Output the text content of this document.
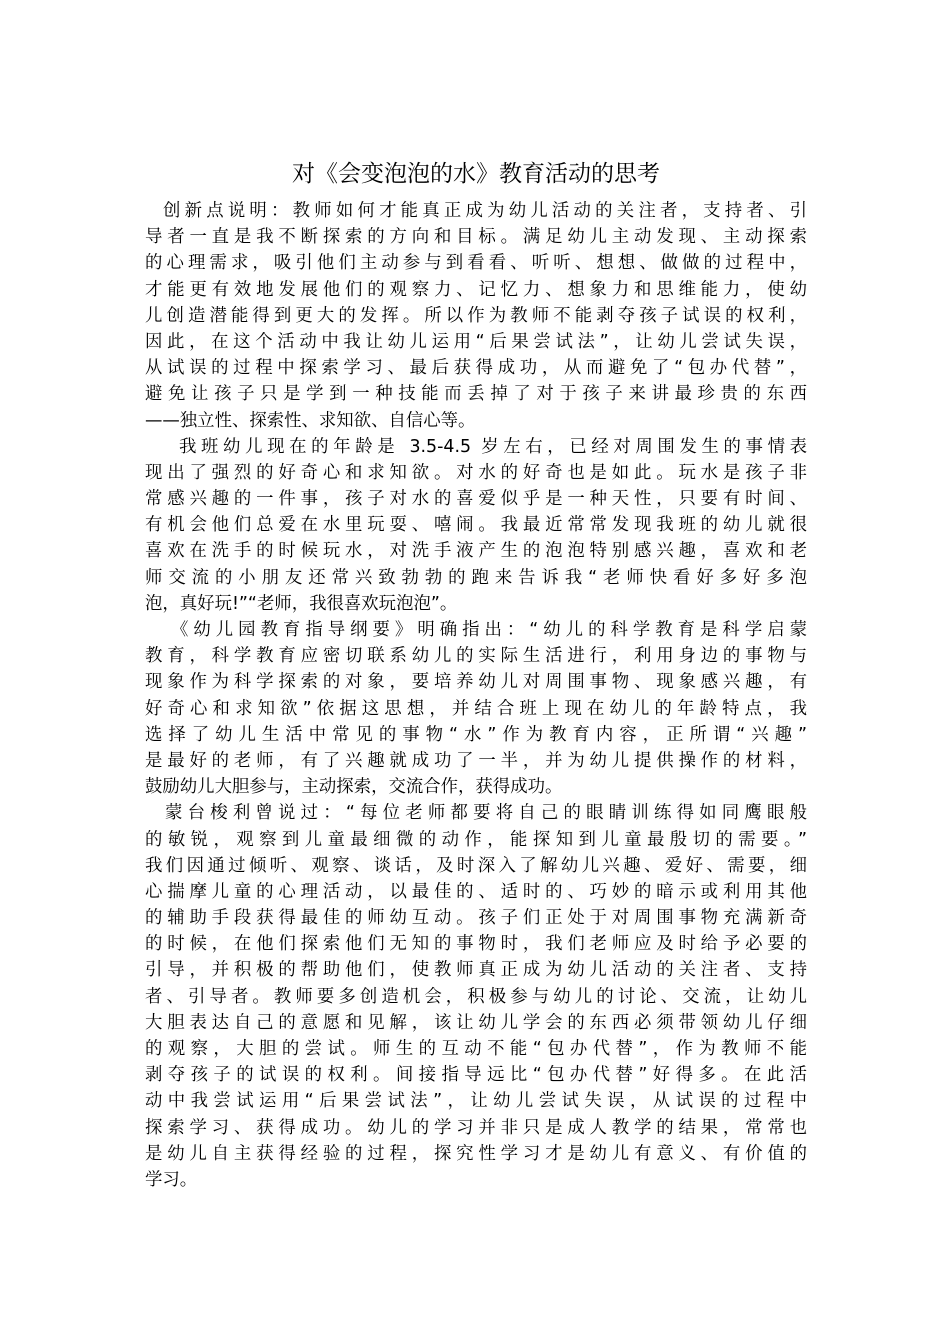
对《会变泡泡的水》教育活动的思考
创新点说明：教师如何才能真正成为幼儿活动的关注者，支持者、引
导者一直是我不断探索的方向和目标。满足幼儿主动发现、主动探索
的心理需求，吸引他们主动参与到看看、听听、想想、做做的过程中，
才能更有效地发展他们的观察力、记忆力、想象力和思维能力，使幼
儿创造潜能得到更大的发挥。所以作为教师不能剥夺孩子试误的权利，
因此，在这个活动中我让幼儿运用“后果尝试法”，让幼儿尝试失误，
从试误的过程中探索学习、最后获得成功，从而避免了“包办代替”，
避免让孩子只是学到一种技能而丢掉了对于孩子来讲最珍贵的东西
——独立性、探索性、求知欲、自信心等。
我班幼儿现在的年龄是 3.5-4.5 岁左右，已经对周围发生的事情表
现出了强烈的好奇心和求知欲。对水的好奇也是如此。玩水是孩子非
常感兴趣的一件事，孩子对水的喜爱似乎是一种天性，只要有时间、
有机会他们总爱在水里玩耍、嘻闹。我最近常常发现我班的幼儿就很
喜欢在洗手的时候玩水，对洗手液产生的泡泡特别感兴趣，喜欢和老
师交流的小朋友还常兴致勃勃的跑来告诉我“老师快看好多好多泡
泡，真好玩!”“老师，我很喜欢玩泡泡”。
《幼儿园教育指导纲要》明确指出：“幼儿的科学教育是科学启蒙
教育，科学教育应密切联系幼儿的实际生活进行，利用身边的事物与
现象作为科学探索的对象，要培养幼儿对周围事物、现象感兴趣，有
好奇心和求知欲”依据这思想，并结合班上现在幼儿的年龄特点，我
选择了幼儿生活中常见的事物“水”作为教育内容，正所谓“兴趣”
是最好的老师，有了兴趣就成功了一半，并为幼儿提供操作的材料，
鼓励幼儿大胆参与，主动探索，交流合作，获得成功。
蒙台梭利曾说过：“每位老师都要将自己的眼睛训练得如同鹰眼般
的敏锐，观察到儿童最细微的动作，能探知到儿童最殷切的需要。”
我们因通过倾听、观察、谈话，及时深入了解幼儿兴趣、爱好、需要，细
心揣摩儿童的心理活动，以最佳的、适时的、巧妙的暗示或利用其他
的辅助手段获得最佳的师幼互动。孩子们正处于对周围事物充满新奇
的时候，在他们探索他们无知的事物时，我们老师应及时给予必要的
引导，并积极的帮助他们，使教师真正成为幼儿活动的关注者、支持
者、引导者。教师要多创造机会，积极参与幼儿的讨论、交流，让幼儿
大胆表达自己的意愿和见解，该让幼儿学会的东西必须带领幼儿仔细
的观察，大胆的尝试。师生的互动不能“包办代替”，作为教师不能
剥夺孩子的试误的权利。间接指导远比“包办代替”好得多。在此活
动中我尝试运用“后果尝试法”，让幼儿尝试失误，从试误的过程中
探索学习、获得成功。幼儿的学习并非只是成人教学的结果，常常也
是幼儿自主获得经验的过程，探究性学习才是幼儿有意义、有价值的
学习。
